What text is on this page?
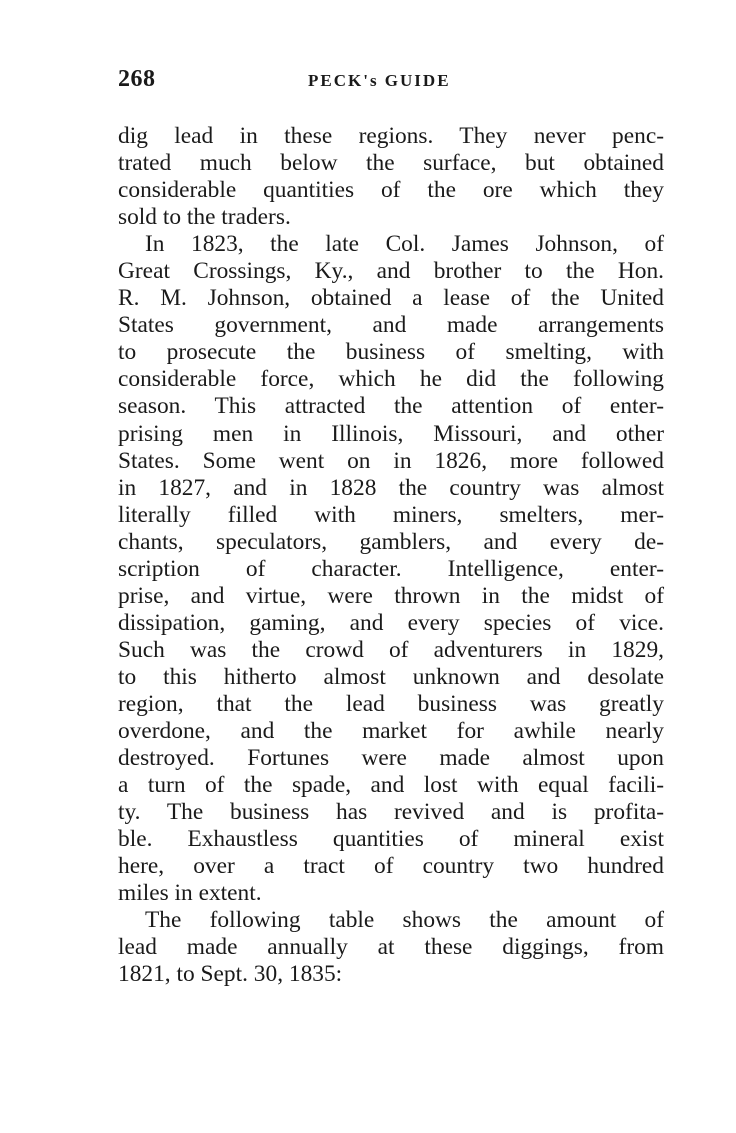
268	PECK's GUIDE

dig lead in these regions. They never penc-
trated much below the surface, but obtained
considerable quantities of the ore which they
sold to the traders.

In 1823, the late Col. James Johnson, of
Great Crossings, Ky., and brother to the Hon.
R. M. Johnson, obtained a lease of the United
States government, and made arrangements
to prosecute the business of smelting, with
considerable force, which he did the following
season. This attracted the attention of enter-
prising men in Illinois, Missouri, and other
States. Some went on in 1826, more followed
in 1827, and in 1828 the country was almost
literally filled with miners, smelters, mer-
chants, speculators, gamblers, and every de-
scription of character. Intelligence, enter-
prise, and virtue, were thrown in the midst of
dissipation, gaming, and every species of vice.
Such was the crowd of adventurers in 1829,
to this hitherto almost unknown and desolate
region, that the lead business was greatly
overdone, and the market for awhile nearly
destroyed. Fortunes were made almost upon
a turn of the spade, and lost with equal facili-
ty. The business has revived and is profita-
ble. Exhaustless quantities of mineral exist
here, over a tract of country two hundred
miles in extent.

The following table shows the amount of
lead made annually at these diggings, from
1821, to Sept. 30, 1835:
